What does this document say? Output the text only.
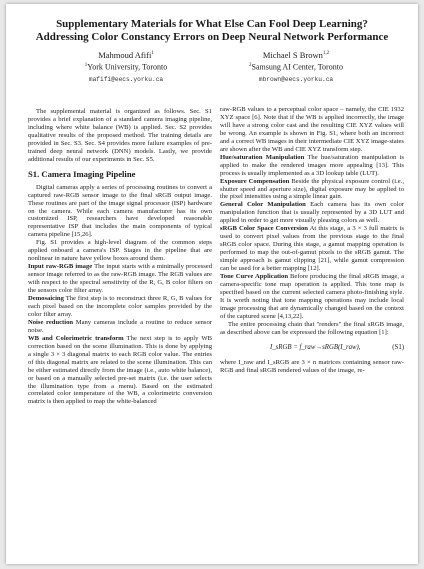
Supplementary Materials for What Else Can Fool Deep Learning?
Addressing Color Constancy Errors on Deep Neural Network Performance
Mahmoud Afifi$^1$
$^1$York University, Toronto
mafifi@eecs.yorku.ca
Michael S Brown$^{1,2}$
$^2$Samsung AI Center, Toronto
mbrown@eecs.yorku.ca

The supplemental material is organized as follows. Sec. S1 provides a brief explanation of a standard camera imaging pipeline, including where white balance (WB) is applied. Sec. S2 provides qualitative results of the proposed method. The training details are provided in Sec. S3. Sec. S4 provides more failure examples of pre-trained deep neural network (DNN) models. Lastly, we provide additional results of our experiments in Sec. S5.

S1. Camera Imaging Pipeline

Digital cameras apply a series of processing routines to convert a captured raw-RGB sensor image to the final sRGB output image. These routines are part of the image signal processor (ISP) hardware on the camera. While each camera manufacturer has its own customized ISP, researchers have developed reasonable representative ISP that includes the main components of typical camera pipeline [15,26].

Fig. S1 provides a high-level diagram of the common steps applied onboard a camera's ISP. Stages in the pipeline that are nonlinear in nature have yellow boxes around them.

Input raw-RGB image The input starts with a minimally processed sensor image referred to as the raw-RGB image. The RGB values are with respect to the spectral sensitivity of the R, G, B color filters on the sensors color filter array.

Demosaicing The first step is to reconstruct three R, G, B values for each pixel based on the incomplete color samples provided by the color filter array.

Noise reduction Many cameras include a routine to reduce sensor noise.

WB and Colorimetric transform The next step is to apply WB correction based on the scene illumination. This is done by applying a single 3 × 3 diagonal matrix to each RGB color value. The entries of this diagonal matrix are related to the scene illumination. This can be either estimated directly from the image (i.e., auto white balance), or based on a manually selected pre-set matrix (i.e. the user selects the illumination type from a menu). Based on the estimated correlated color temperature of the WB, a colorimetric conversion matrix is then applied to map the white-balanced

raw-RGB values to a perceptual color space – namely, the CIE 1932 XYZ space [6]. Note that if the WB is applied incorrectly, the image will have a strong color cast and the resulting CIE XYZ values will be wrong. An example is shown in Fig. S1, where both an incorrect and a correct WB images in their intermediate CIE XYZ image-states are shown after the WB and CIE XYZ transform step.

Hue/saturation Manipulation The hue/saturation manipulation is applied to make the rendered images more appealing [13]. This process is usually implemented as a 3D lookup table (LUT).

Exposure Compensation Beside the physical exposure control (i.e., shutter speed and aperture size), digital exposure may be applied to the pixel intensities using a simple linear gain.

General Color Manipulation Each camera has its own color manipulation function that is usually represented by a 3D LUT and applied in order to get more visually pleasing colors as well.

sRGB Color Space Conversion At this stage, a 3 × 3 full matrix is used to convert pixel values from the previous stage to the final sRGB color space. During this stage, a gamut mapping operation is performed to map the out-of-gamut pixels to the sRGB gamut. The simple approach is gamut clipping [21], while gamut compression can be used for a better mapping [12].

Tone Curve Application Before producing the final sRGB image, a camera-specific tone map operation is applied. This tone map is specified based on the current selected camera photo-finishing style. It is worth noting that tone mapping operations may include local image processing that are dynamically changed based on the context of the captured scene [4,13,22].

The entire processing chain that "renders" the final sRGB image, as described above can be expressed the following equation [1]:

I_sRGB = f_raw→sRGB(I_raw),	(S1)

where I_raw and I_sRGB are 3 × n matrices containing sensor raw-RGB and final sRGB rendered values of the image, re-
